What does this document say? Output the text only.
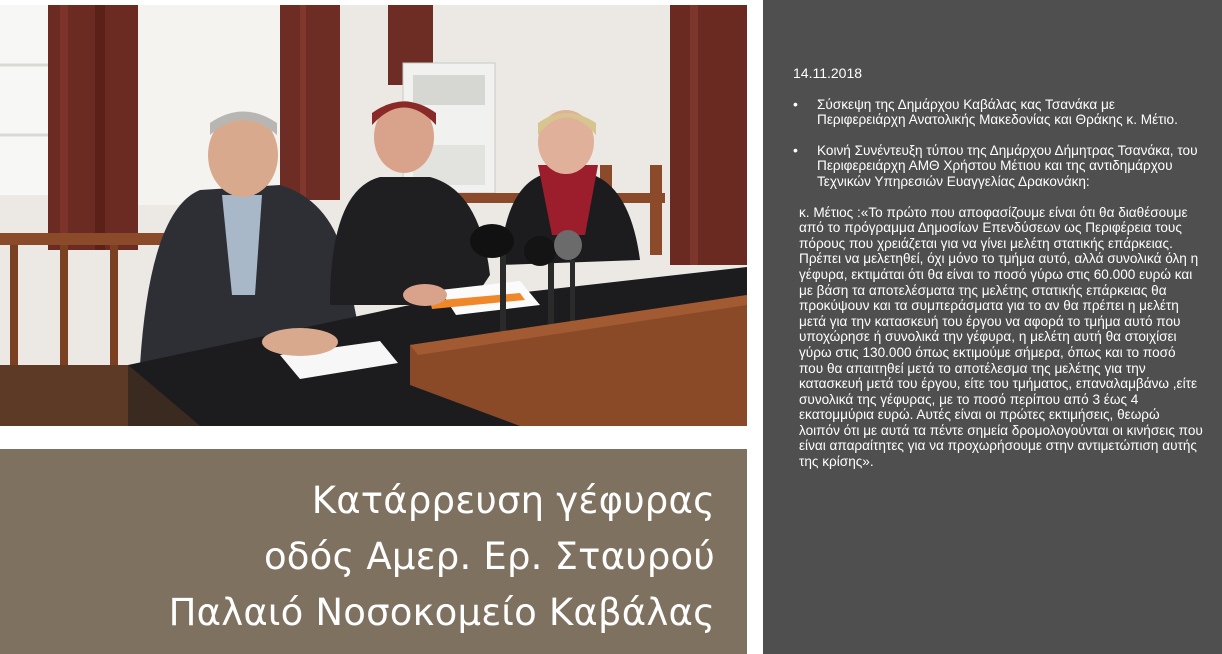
Κατάρρευση γέφυρας
οδός Αμερ. Ερ. Σταυρού
Παλαιό Νοσοκομείο Καβάλας
14.11.2018
•	Σύσκεψη της Δημάρχου Καβάλας κας Τσανάκα με Περιφερειάρχη Ανατολικής Μακεδονίας και Θράκης κ. Μέτιο.
•	Κοινή Συνέντευξη τύπου της Δημάρχου Δήμητρας Τσανάκα, του Περιφερειάρχη ΑΜΘ Χρήστου Μέτιου και της αντιδημάρχου Τεχνικών Υπηρεσιών Ευαγγελίας Δρακονάκη:

κ. Μέτιος :«Το πρώτο που αποφασίζουμε είναι ότι θα διαθέσουμε από το πρόγραμμα Δημοσίων Επενδύσεων ως Περιφέρεια τους πόρους που χρειάζεται για να γίνει μελέτη στατικής επάρκειας. Πρέπει να μελετηθεί, όχι μόνο το τμήμα αυτό, αλλά συνολικά όλη η γέφυρα, εκτιμάται ότι θα είναι το ποσό γύρω στις 60.000 ευρώ και με βάση τα αποτελέσματα της μελέτης στατικής επάρκειας θα προκύψουν και τα συμπεράσματα για το αν θα πρέπει η μελέτη μετά για την κατασκευή του έργου να αφορά το τμήμα αυτό που υποχώρησε ή συνολικά την γέφυρα, η μελέτη αυτή θα στοιχίσει γύρω στις 130.000 όπως εκτιμούμε σήμερα, όπως και το ποσό που θα απαιτηθεί μετά το αποτέλεσμα της μελέτης για την κατασκευή μετά του έργου, είτε του τμήματος, επαναλαμβάνω ,είτε συνολικά της γέφυρας, με το ποσό περίπου από 3 έως 4 εκατομμύρια ευρώ. Αυτές είναι οι πρώτες εκτιμήσεις, θεωρώ λοιπόν ότι με αυτά τα πέντε σημεία δρομολογούνται οι κινήσεις που είναι απαραίτητες για να προχωρήσουμε στην αντιμετώπιση αυτής της κρίσης».
